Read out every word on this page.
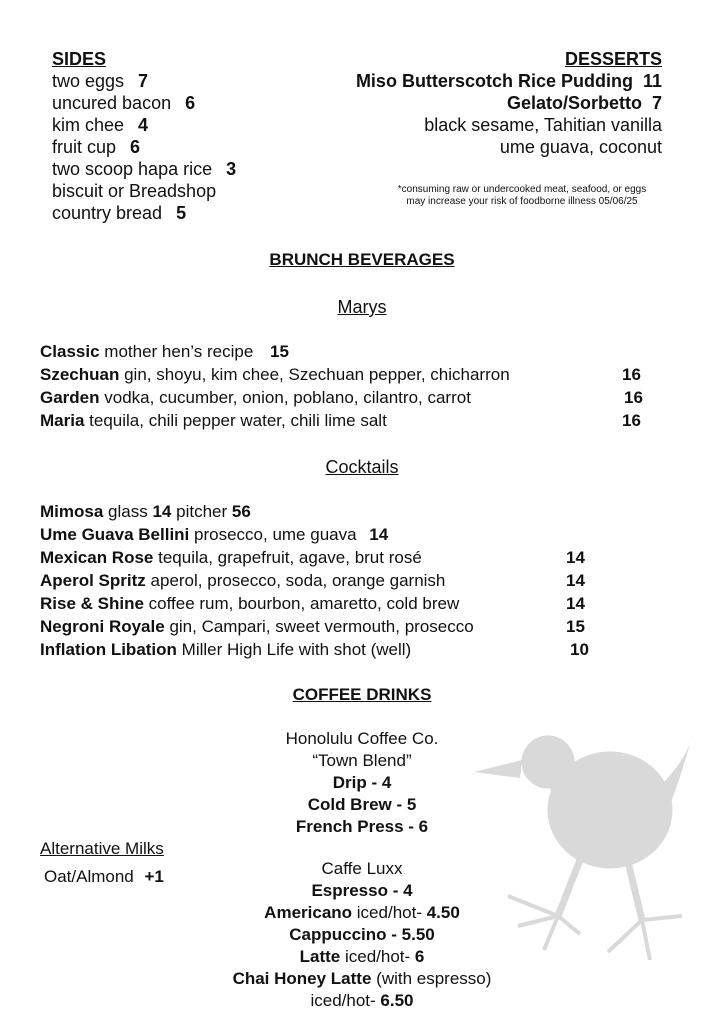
SIDES
two eggs 7
uncured bacon 6
kim chee 4
fruit cup 6
two scoop hapa rice 3
biscuit or Breadshop
country bread 5
DESSERTS
Miso Butterscotch Rice Pudding 11
Gelato/Sorbetto 7
black sesame, Tahitian vanilla
ume guava, coconut
*consuming raw or undercooked meat, seafood, or eggs
may increase your risk of foodborne illness 05/06/25
BRUNCH BEVERAGES
Marys
Classic mother hen’s recipe 15
Szechuan gin, shoyu, kim chee, Szechuan pepper, chicharron	16
Garden vodka, cucumber, onion, poblano, cilantro, carrot	16
Maria tequila, chili pepper water, chili lime salt	16
Cocktails
Mimosa glass 14 pitcher 56
Ume Guava Bellini prosecco, ume guava 14
Mexican Rose tequila, grapefruit, agave, brut rosé	14
Aperol Spritz aperol, prosecco, soda, orange garnish	14
Rise & Shine coffee rum, bourbon, amaretto, cold brew	14
Negroni Royale gin, Campari, sweet vermouth, prosecco	15
Inflation Libation Miller High Life with shot (well)	10
COFFEE DRINKS
Honolulu Coffee Co.
“Town Blend”
Drip - 4
Cold Brew - 5
French Press - 6
Caffe Luxx
Espresso - 4
Americano iced/hot- 4.50
Cappuccino - 5.50
Latte iced/hot- 6
Chai Honey Latte (with espresso)
iced/hot- 6.50
Alternative Milks
Oat/Almond +1
